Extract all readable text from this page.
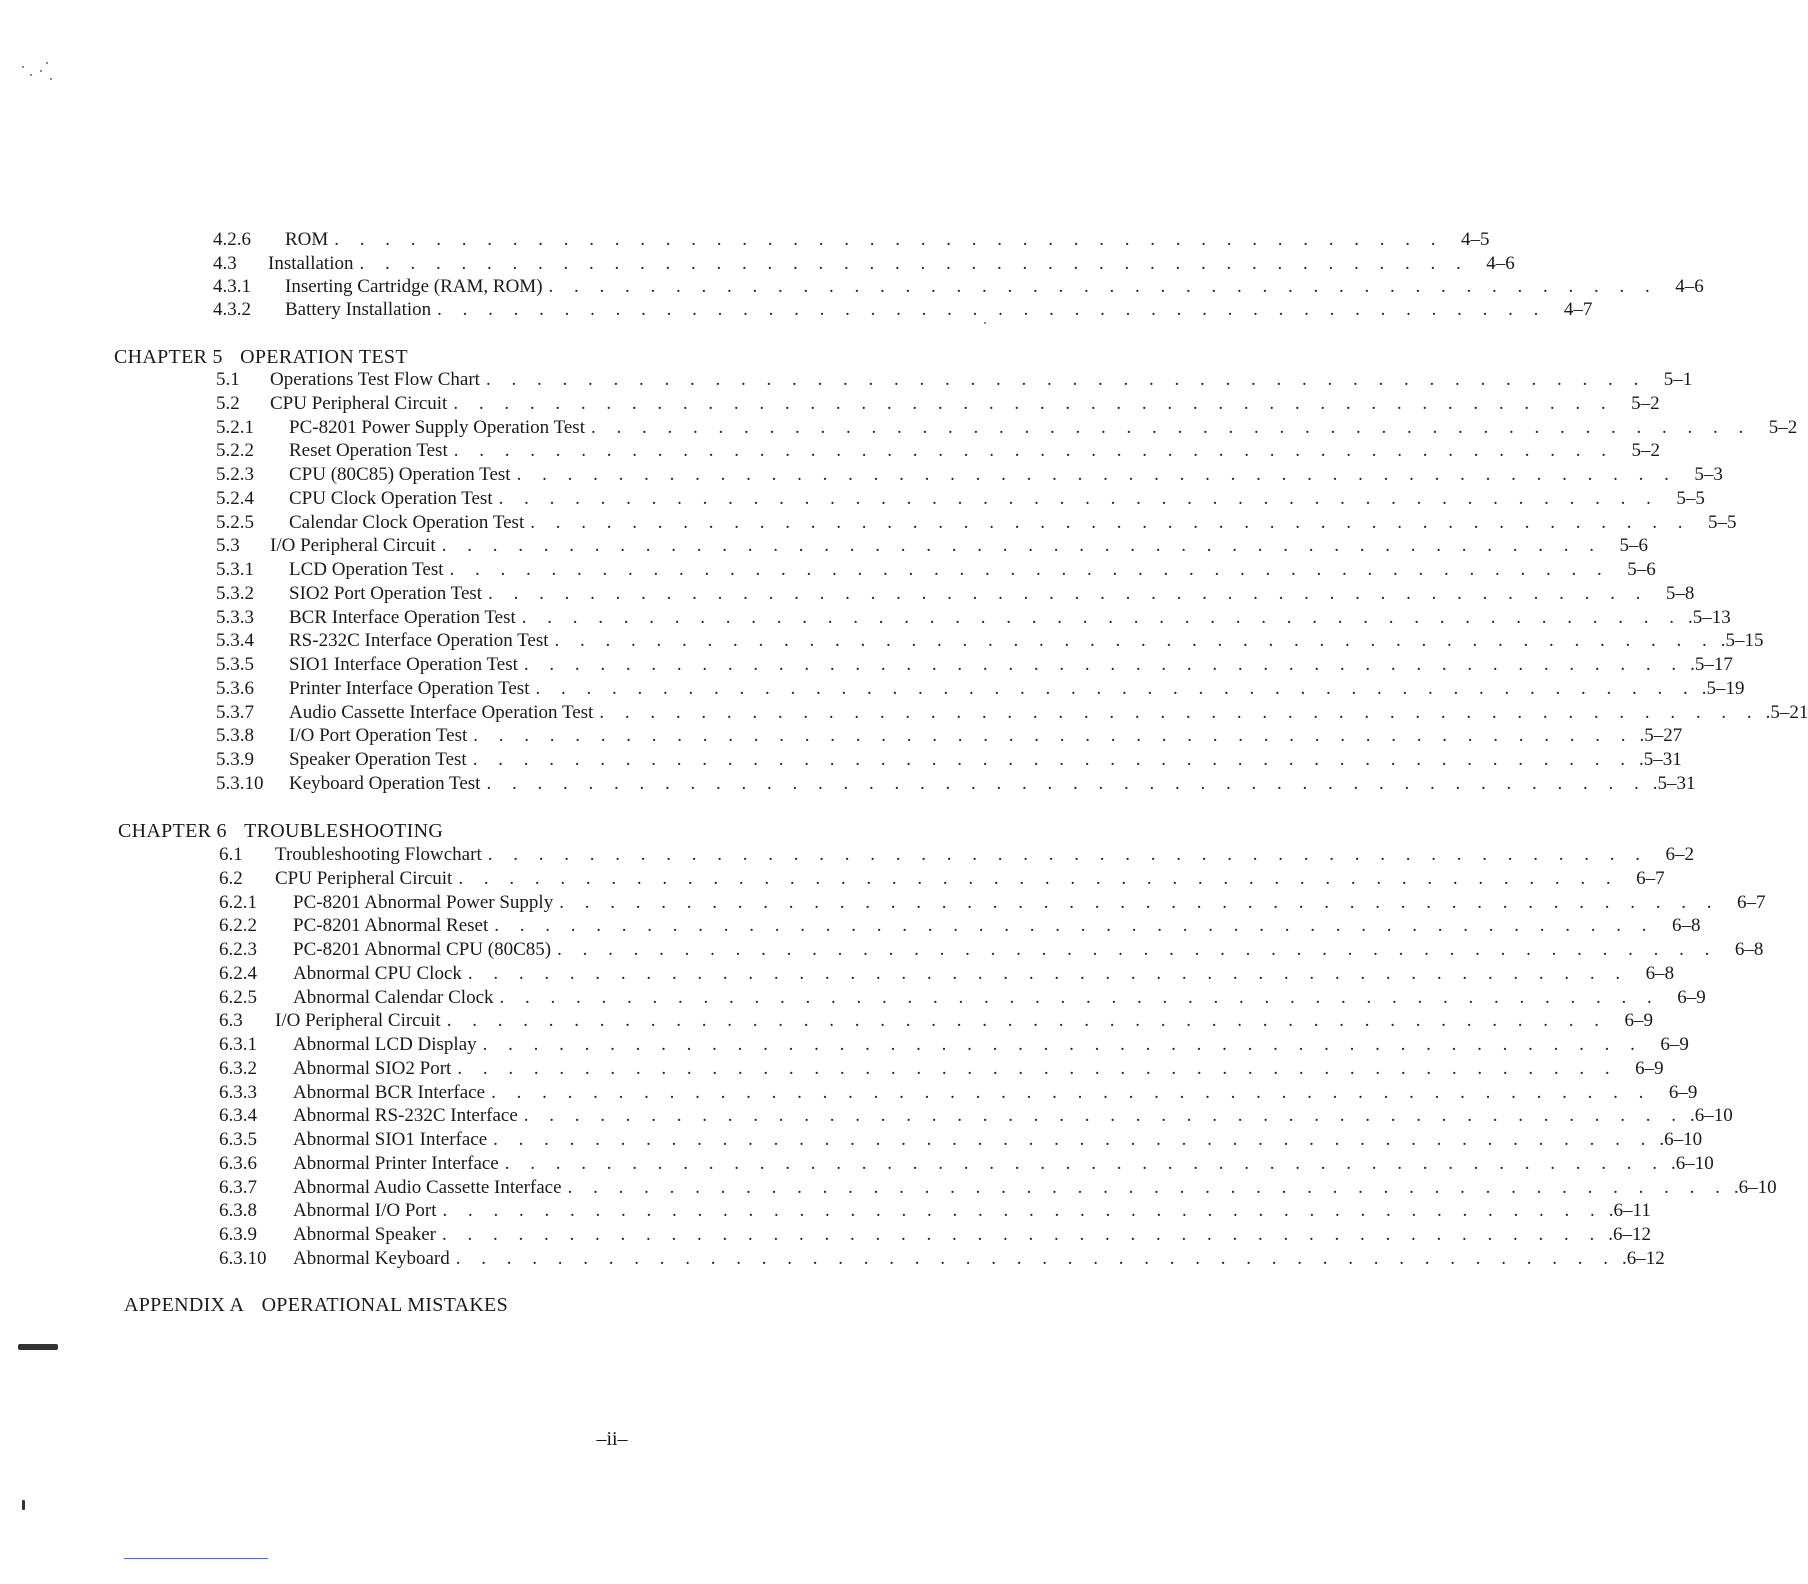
4.2.6	ROM . . . . . . . . . . . . . . . . . . . . . . . . . . . . . . . . . . . . . . . . . . . . 4–5
4.3	Installation . . . . . . . . . . . . . . . . . . . . . . . . . . . . . . . . . . . . . . . . . . . . 4–6
4.3.1	Inserting Cartridge (RAM, ROM) . . . . . . . . . . . . . . . . . . . . . . . . . . . . . . . . . . . . . . . . . . . . 4–6
4.3.2	Battery Installation . . . . . . . . . . . . . . . . . . . . . . . . . . . . . . . . . . . . . . . . . . . . 4–7
CHAPTER 5 OPERATION TEST
5.1	Operations Test Flow Chart . . . . . . . . . . . . . . . . . . . . . . . . . . . . . . . . . . . . . . . . . . . . . . 5–1
5.2	CPU Peripheral Circuit . . . . . . . . . . . . . . . . . . . . . . . . . . . . . . . . . . . . . . . . . . . . . . 5–2
5.2.1	PC-8201 Power Supply Operation Test . . . . . . . . . . . . . . . . . . . . . . . . . . . . . . . . . . . . . . . . . . . . . . 5–2
5.2.2	Reset Operation Test . . . . . . . . . . . . . . . . . . . . . . . . . . . . . . . . . . . . . . . . . . . . . . 5–2
5.2.3	CPU (80C85) Operation Test . . . . . . . . . . . . . . . . . . . . . . . . . . . . . . . . . . . . . . . . . . . . . . 5–3
5.2.4	CPU Clock Operation Test . . . . . . . . . . . . . . . . . . . . . . . . . . . . . . . . . . . . . . . . . . . . . . 5–5
5.2.5	Calendar Clock Operation Test . . . . . . . . . . . . . . . . . . . . . . . . . . . . . . . . . . . . . . . . . . . . . . 5–5
5.3	I/O Peripheral Circuit . . . . . . . . . . . . . . . . . . . . . . . . . . . . . . . . . . . . . . . . . . . . . . 5–6
5.3.1	LCD Operation Test . . . . . . . . . . . . . . . . . . . . . . . . . . . . . . . . . . . . . . . . . . . . . . 5–6
5.3.2	SIO2 Port Operation Test . . . . . . . . . . . . . . . . . . . . . . . . . . . . . . . . . . . . . . . . . . . . . . 5–8
5.3.3	BCR Interface Operation Test . . . . . . . . . . . . . . . . . . . . . . . . . . . . . . . . . . . . . . . . . . . . . . .5–13
5.3.4	RS-232C Interface Operation Test . . . . . . . . . . . . . . . . . . . . . . . . . . . . . . . . . . . . . . . . . . . . . . .5–15
5.3.5	SIO1 Interface Operation Test . . . . . . . . . . . . . . . . . . . . . . . . . . . . . . . . . . . . . . . . . . . . . . .5–17
5.3.6	Printer Interface Operation Test . . . . . . . . . . . . . . . . . . . . . . . . . . . . . . . . . . . . . . . . . . . . . . .5–19
5.3.7	Audio Cassette Interface Operation Test . . . . . . . . . . . . . . . . . . . . . . . . . . . . . . . . . . . . . . . . . . . . . . .5–21
5.3.8	I/O Port Operation Test . . . . . . . . . . . . . . . . . . . . . . . . . . . . . . . . . . . . . . . . . . . . . . .5–27
5.3.9	Speaker Operation Test . . . . . . . . . . . . . . . . . . . . . . . . . . . . . . . . . . . . . . . . . . . . . . .5–31
5.3.10	Keyboard Operation Test . . . . . . . . . . . . . . . . . . . . . . . . . . . . . . . . . . . . . . . . . . . . . . .5–31
CHAPTER 6 TROUBLESHOOTING
6.1	Troubleshooting Flowchart . . . . . . . . . . . . . . . . . . . . . . . . . . . . . . . . . . . . . . . . . . . . . . 6–2
6.2	CPU Peripheral Circuit . . . . . . . . . . . . . . . . . . . . . . . . . . . . . . . . . . . . . . . . . . . . . . 6–7
6.2.1	PC-8201 Abnormal Power Supply . . . . . . . . . . . . . . . . . . . . . . . . . . . . . . . . . . . . . . . . . . . . . . 6–7
6.2.2	PC-8201 Abnormal Reset . . . . . . . . . . . . . . . . . . . . . . . . . . . . . . . . . . . . . . . . . . . . . . 6–8
6.2.3	PC-8201 Abnormal CPU (80C85) . . . . . . . . . . . . . . . . . . . . . . . . . . . . . . . . . . . . . . . . . . . . . . 6–8
6.2.4	Abnormal CPU Clock . . . . . . . . . . . . . . . . . . . . . . . . . . . . . . . . . . . . . . . . . . . . . . 6–8
6.2.5	Abnormal Calendar Clock . . . . . . . . . . . . . . . . . . . . . . . . . . . . . . . . . . . . . . . . . . . . . . 6–9
6.3	I/O Peripheral Circuit . . . . . . . . . . . . . . . . . . . . . . . . . . . . . . . . . . . . . . . . . . . . . . 6–9
6.3.1	Abnormal LCD Display . . . . . . . . . . . . . . . . . . . . . . . . . . . . . . . . . . . . . . . . . . . . . . 6–9
6.3.2	Abnormal SIO2 Port . . . . . . . . . . . . . . . . . . . . . . . . . . . . . . . . . . . . . . . . . . . . . . 6–9
6.3.3	Abnormal BCR Interface . . . . . . . . . . . . . . . . . . . . . . . . . . . . . . . . . . . . . . . . . . . . . . 6–9
6.3.4	Abnormal RS-232C Interface . . . . . . . . . . . . . . . . . . . . . . . . . . . . . . . . . . . . . . . . . . . . . . .6–10
6.3.5	Abnormal SIO1 Interface . . . . . . . . . . . . . . . . . . . . . . . . . . . . . . . . . . . . . . . . . . . . . . .6–10
6.3.6	Abnormal Printer Interface . . . . . . . . . . . . . . . . . . . . . . . . . . . . . . . . . . . . . . . . . . . . . . .6–10
6.3.7	Abnormal Audio Cassette Interface . . . . . . . . . . . . . . . . . . . . . . . . . . . . . . . . . . . . . . . . . . . . . . .6–10
6.3.8	Abnormal I/O Port . . . . . . . . . . . . . . . . . . . . . . . . . . . . . . . . . . . . . . . . . . . . . . .6–11
6.3.9	Abnormal Speaker . . . . . . . . . . . . . . . . . . . . . . . . . . . . . . . . . . . . . . . . . . . . . . .6–12
6.3.10	Abnormal Keyboard . . . . . . . . . . . . . . . . . . . . . . . . . . . . . . . . . . . . . . . . . . . . . . .6–12
APPENDIX A OPERATIONAL MISTAKES
–ii–
